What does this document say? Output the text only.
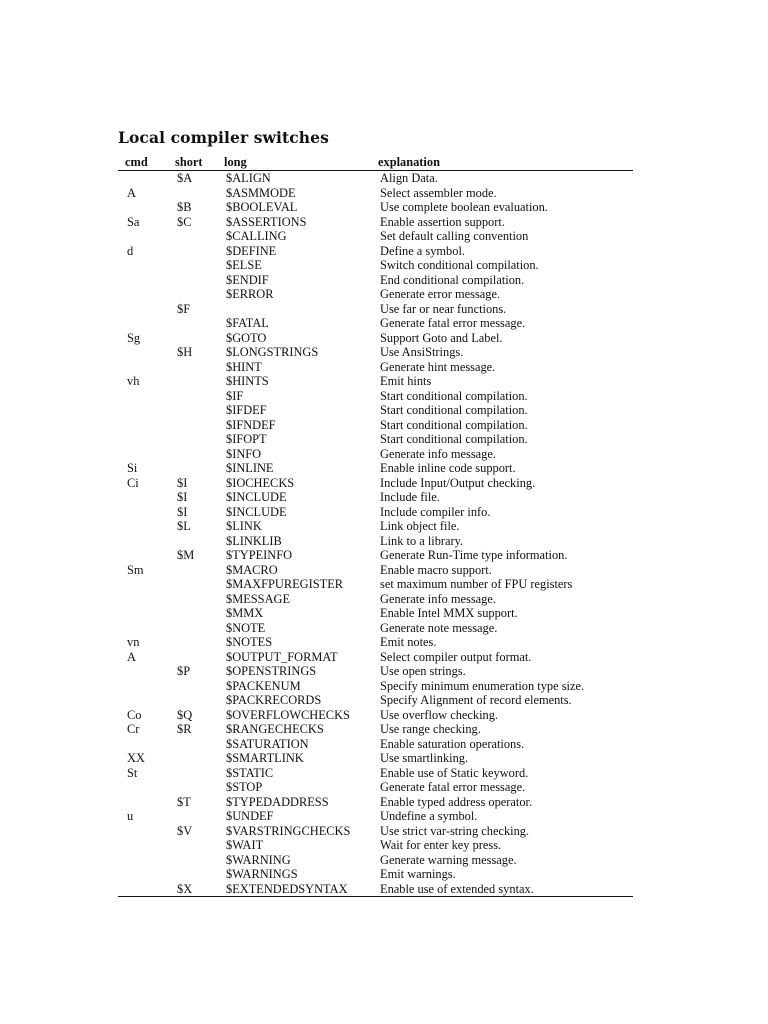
Local compiler switches
cmd	short	long	explanation
	$A	$ALIGN	Align Data.
A		$ASMMODE	Select assembler mode.
	$B	$BOOLEVAL	Use complete boolean evaluation.
Sa	$C	$ASSERTIONS	Enable assertion support.
		$CALLING	Set default calling convention
d		$DEFINE	Define a symbol.
		$ELSE	Switch conditional compilation.
		$ENDIF	End conditional compilation.
		$ERROR	Generate error message.
	$F		Use far or near functions.
		$FATAL	Generate fatal error message.
Sg		$GOTO	Support Goto and Label.
	$H	$LONGSTRINGS	Use AnsiStrings.
		$HINT	Generate hint message.
vh		$HINTS	Emit hints
		$IF	Start conditional compilation.
		$IFDEF	Start conditional compilation.
		$IFNDEF	Start conditional compilation.
		$IFOPT	Start conditional compilation.
		$INFO	Generate info message.
Si		$INLINE	Enable inline code support.
Ci	$I	$IOCHECKS	Include Input/Output checking.
	$I	$INCLUDE	Include file.
	$I	$INCLUDE	Include compiler info.
	$L	$LINK	Link object file.
		$LINKLIB	Link to a library.
	$M	$TYPEINFO	Generate Run-Time type information.
Sm		$MACRO	Enable macro support.
		$MAXFPUREGISTER	set maximum number of FPU registers
		$MESSAGE	Generate info message.
		$MMX	Enable Intel MMX support.
		$NOTE	Generate note message.
vn		$NOTES	Emit notes.
A		$OUTPUT_FORMAT	Select compiler output format.
	$P	$OPENSTRINGS	Use open strings.
		$PACKENUM	Specify minimum enumeration type size.
		$PACKRECORDS	Specify Alignment of record elements.
Co	$Q	$OVERFLOWCHECKS	Use overflow checking.
Cr	$R	$RANGECHECKS	Use range checking.
		$SATURATION	Enable saturation operations.
XX		$SMARTLINK	Use smartlinking.
St		$STATIC	Enable use of Static keyword.
		$STOP	Generate fatal error message.
	$T	$TYPEDADDRESS	Enable typed address operator.
u		$UNDEF	Undefine a symbol.
	$V	$VARSTRINGCHECKS	Use strict var-string checking.
		$WAIT	Wait for enter key press.
		$WARNING	Generate warning message.
		$WARNINGS	Emit warnings.
	$X	$EXTENDEDSYNTAX	Enable use of extended syntax.
